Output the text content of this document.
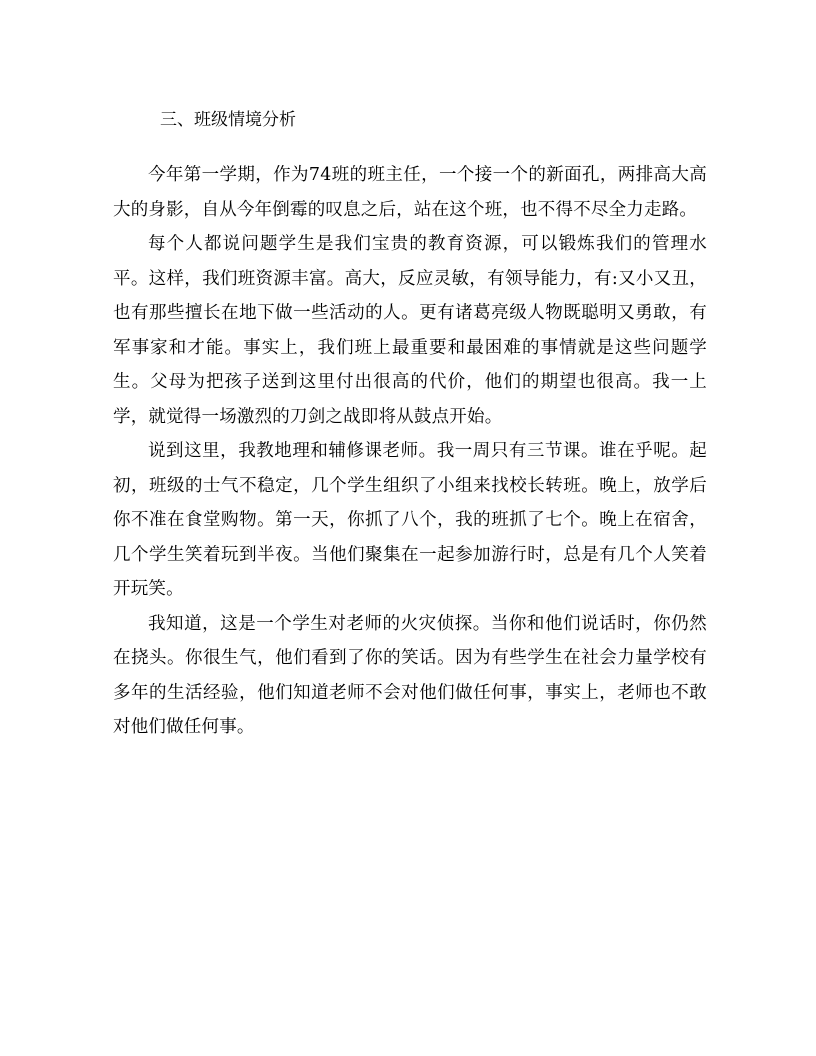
三、班级情境分析

今年第一学期，作为74班的班主任，一个接一个的新面孔，两排高大高大的身影，自从今年倒霉的叹息之后，站在这个班，也不得不尽全力走路。

每个人都说问题学生是我们宝贵的教育资源，可以锻炼我们的管理水平。这样，我们班资源丰富。高大，反应灵敏，有领导能力，有:又小又丑，也有那些擅长在地下做一些活动的人。更有诸葛亮级人物既聪明又勇敢，有军事家和才能。事实上，我们班上最重要和最困难的事情就是这些问题学生。父母为把孩子送到这里付出很高的代价，他们的期望也很高。我一上学，就觉得一场激烈的刀剑之战即将从鼓点开始。

说到这里，我教地理和辅修课老师。我一周只有三节课。谁在乎呢。起初，班级的士气不稳定，几个学生组织了小组来找校长转班。晚上，放学后你不准在食堂购物。第一天，你抓了八个，我的班抓了七个。晚上在宿舍，几个学生笑着玩到半夜。当他们聚集在一起参加游行时，总是有几个人笑着开玩笑。

我知道，这是一个学生对老师的火灾侦探。当你和他们说话时，你仍然在挠头。你很生气，他们看到了你的笑话。因为有些学生在社会力量学校有多年的生活经验，他们知道老师不会对他们做任何事，事实上，老师也不敢对他们做任何事。
